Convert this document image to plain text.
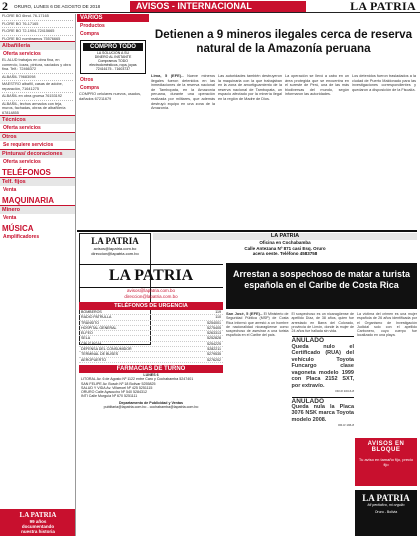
2	ORURO, LUNES 6 DE AGOSTO DE 2018	AVISOS - INTERNACIONAL	LA PATRIA
FLORE BO 6bnd. 76-17165
FLORE BO 76-17165
FLORE BO 72-1904-72415665
FLORE BO nombramos 75576665
Albañilería
Oferta servicios
EL ALUD trabajos en obra fina, en comercio, lozas, pintura, vaciados y obra fina. Telf.: 72466372
ALBAÑIL 79683098
MAESTRO albañil, casas de adobe, reparación, 71641275
ALBAÑIL en obra gruesa 76153192
ALBAÑIL, techos armados con teja, muros, fachadas, obras de albañilería 67814855
Técnicos
Oferta servicios
Otros
Se requiere servicios
Pinturas/ decoraciones
Oferta servicios
TELÉFONOS
Telf. fijos
Venta
MAQUINARIA
Minero
Venta
MÚSICA
Amplificadores
LA PATRIA
99 años
documentando
nuestra historia
VARIOS
Productos
Compra
COMPRO TODO
LA SOLUCIÓN A SU
DINERO AL INSTANTE
Compramos TODO
electrodomésticos, ropa, joyas
72416175 - 71603737
Otros
Compra
COMPRO celulares nuevos, usados, dañados 67211679
Detienen a 9 mineros ilegales cerca de reserva natural de la Amazonía peruana
Lima, 5 (EFE).- Nueve mineros ilegales fueron detenidos en las inmediaciones de la reserva nacional de Tambopata, en la Amazonía peruana, durante una operación realizada por militares, que además destruyó equipo en una zona de la Amazonía.
Las autoridades también destruyeron la maquinaria con la que trabajaban en la zona de amortiguamiento de la reserva nacional de Tambopata, un espacio afectado por la minería ilegal en la región de Madre de Dios.
La operación se llevó a cabo en un área protegida que se encuentra en el sureste de Perú, una de las más biodiversas del mundo, según informaron las autoridades.
Los detenidos fueron trasladados a la ciudad de Puerto Maldonado para las investigaciones correspondientes y quedaron a disposición de la Fiscalía.
LA PATRIA
avisos@lapatria.com.bo
direccion@lapatria.com.bo
LA PATRIA
Oficina en Cochabamba
Calle Antezana Nº 871 casi Esq. Oruro
acera oeste. Teléfono 4583758
LA PATRIA
avisos@lapatria.com.bo
direccion@lapatria.com.bo
TELÉFONOS DE URGENCIA
BOMBEROS	119
RADIO PATRULLA	110
TRÁNSITO	5254001
HOSPITAL GENERAL	5275405
ELFEO	5263313
SELA	5252828
CRUZ ROJA	5254225
DEFENSA DEL CONSUMIDOR	5282211
TERMINAL DE BUSES	5279535
AEROPUERTO	5276202
FARMACIAS DE TURNO
LUNES 6
LITORAL Av. 6 de Agosto Nº 1122 entre Caro y Cochabamba 5247401
SAN FELIPE Av. Busch Nº 18 Bolívar 5255825
SALUD Y VIDA Av. Villarroel Nº 425 5251115
ORURO Calle Ayacucho Nº 540 5284312
INTI Calle Murguía Nº 670 5251111
Departamento de Publicidad y Ventas
publitaria@lapatria.com.bo - cochabamba@lapatria.com.bo
Arrestan a sospechoso de matar a turista española en el Caribe de Costa Rica
San José, 5 (EFE).- El Ministerio de Seguridad Pública (MSP) de Costa Rica informó que arrestó a un hombre de nacionalidad nicaragüense como sospechoso de asesinar a una turista española en el Caribe del país.
El sospechoso es un nicaragüense de apellido Díaz, de 38 años, quien fue arrestado en Barra del Colorado, provincia de Limón, donde la mujer de 24 años fue hallada sin vida.
ANULADO
Queda nulo el Certificado (RUA) del vehículo Toyota Funcargo clase vagoneta modelo 1999 con Placa 2152 SXT, por extravío.
OR-R 103-6-8
ANULADO
Queda nula la Placa 3076 NSK marca Toyota modelo 2008.
OR-R 196-8
La víctima del crimen es una mujer española de 26 años identificada por el Organismo de Investigación Judicial solo con el apellido Carbonero, cuyo cuerpo fue localizado en una playa.
AVISOS EN BLOQUE
Tu aviso en tamaño fijo, precio fijo
LA PATRIA
Mi periódico, mi orgullo
Oruro - Bolivia
